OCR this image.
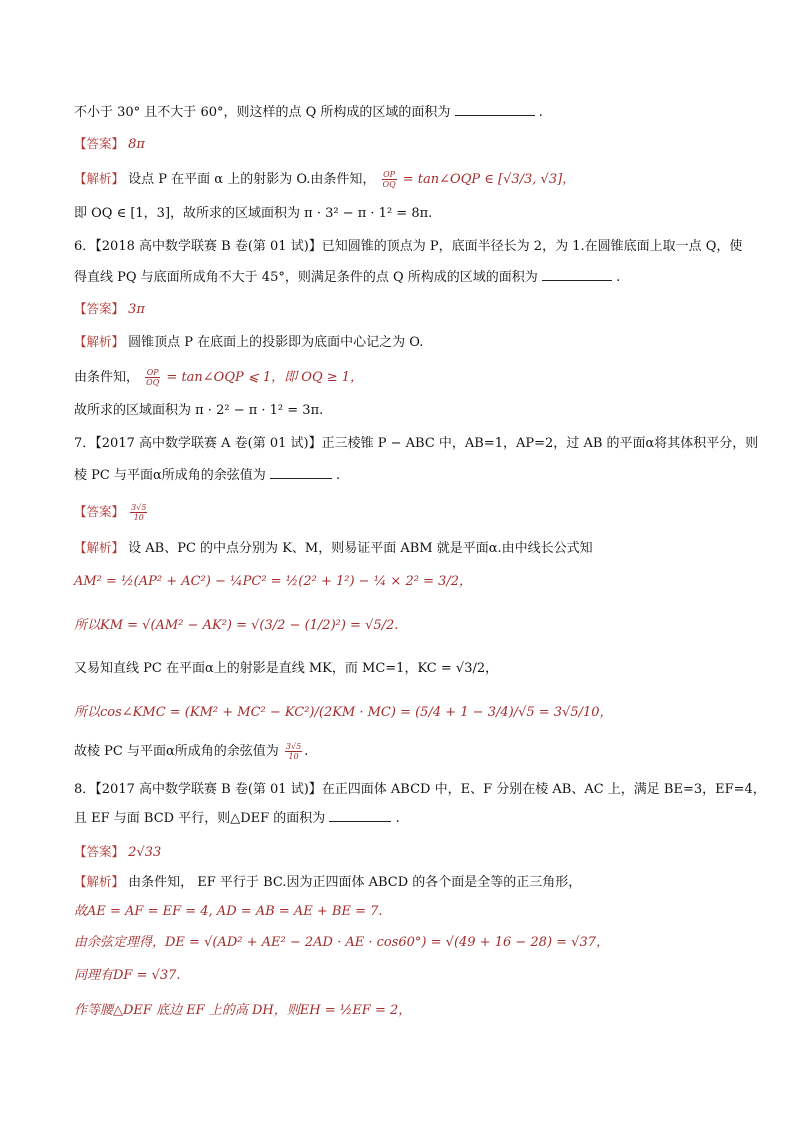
不小于 30° 且不大于 60°，则这样的点 Q 所构成的区域的面积为	.
【答案】 8π
【解析】 设点 P 在平面 α 上的射影为 O.由条件知， $\frac{OP}{OQ}$ = tan∠OQP ∈ [√3/3, √3]，
即 OQ ∈ [1，3]，故所求的区域面积为 π · 3² − π · 1² = 8π.
6．【2018 高中数学联赛 B 卷(第 01 试)】已知圆锥的顶点为 P，底面半径长为 2，为 1.在圆锥底面上取一点 Q，使
得直线 PQ 与底面所成角不大于 45°，则满足条件的点 Q 所构成的区域的面积为	.
【答案】 3π
【解析】 圆锥顶点 P 在底面上的投影即为底面中心记之为 O.
由条件知， $\frac{OP}{OQ}$ = tan∠OQP ⩽ 1，即 OQ ≥ 1，
故所求的区域面积为 π · 2² − π · 1² = 3π.
7．【2017 高中数学联赛 A 卷(第 01 试)】正三棱锥 P − ABC 中，AB=1，AP=2，过 AB 的平面α将其体积平分，则
棱 PC 与平面α所成角的余弦值为	.
【答案】 $\frac{3√5}{10}$
【解析】 设 AB、PC 的中点分别为 K、M，则易证平面 ABM 就是平面α.由中线长公式知
AM² = ½(AP² + AC²) − ¼PC² = ½(2² + 1²) − ¼ × 2² = 3/2，
所以KM = √(AM² − AK²) = √(3/2 − (1/2)²) = √5/2.
又易知直线 PC 在平面α上的射影是直线 MK，而 MC=1，KC = √3/2，
所以cos∠KMC = (KM² + MC² − KC²)/(2KM · MC) = (5/4 + 1 − 3/4)/√5 = 3√5/10，
故棱 PC 与平面α所成角的余弦值为 $\frac{3√5}{10}$ .
8．【2017 高中数学联赛 B 卷(第 01 试)】在正四面体 ABCD 中，E、F 分别在棱 AB、AC 上，满足 BE=3，EF=4，
且 EF 与面 BCD 平行，则△DEF 的面积为	.
【答案】 2√33
【解析】 由条件知， EF 平行于 BC.因为正四面体 ABCD 的各个面是全等的正三角形，
故AE = AF = EF = 4, AD = AB = AE + BE = 7.
由余弦定理得，DE = √(AD² + AE² − 2AD · AE · cos60°) = √(49 + 16 − 28) = √37，
同理有DF = √37.
作等腰△DEF 底边 EF 上的高 DH，则EH = ½EF = 2，
